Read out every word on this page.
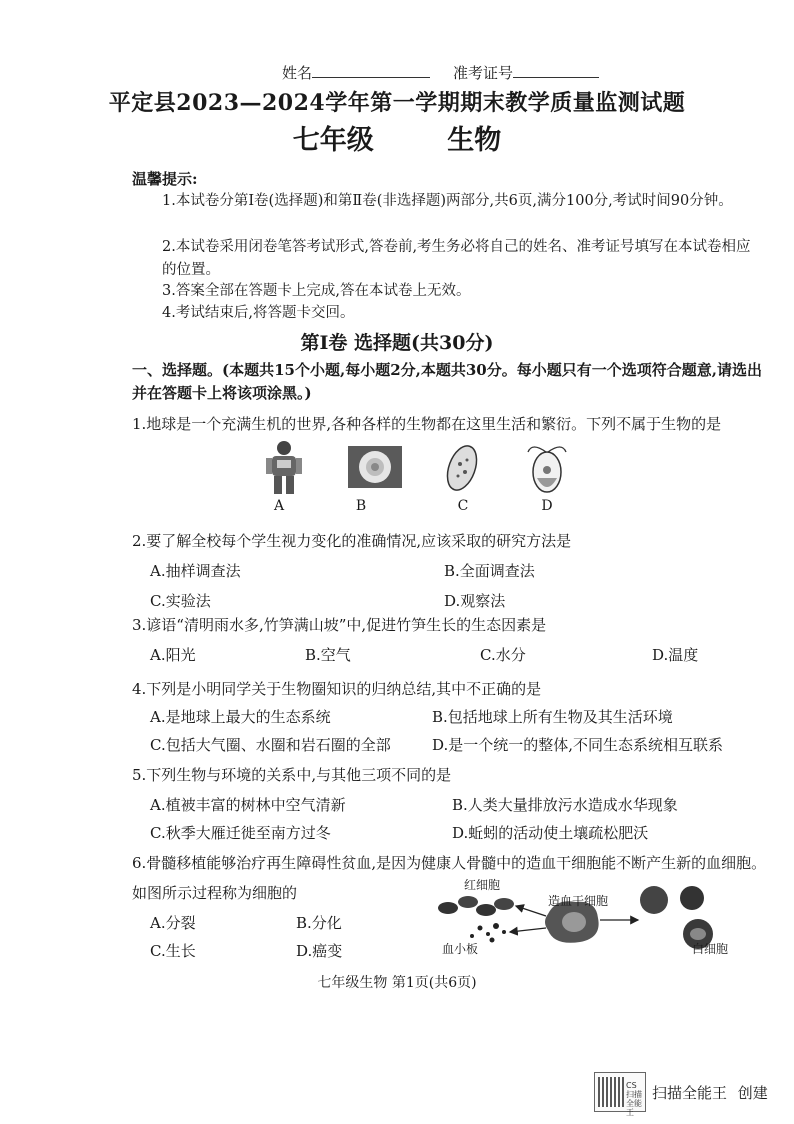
姓名	准考证号
平定县2023—2024学年第一学期期末教学质量监测试题
七年级	生物
温馨提示:
1.本试卷分第Ⅰ卷(选择题)和第Ⅱ卷(非选择题)两部分,共6页,满分100分,考试时间90分钟。
2.本试卷采用闭卷笔答考试形式,答卷前,考生务必将自己的姓名、准考证号填写在本试卷相应的位置。
3.答案全部在答题卡上完成,答在本试卷上无效。
4.考试结束后,将答题卡交回。
第Ⅰ卷 选择题(共30分)
一、选择题。(本题共15个小题,每小题2分,本题共30分。每小题只有一个选项符合题意,请选出并在答题卡上将该项涂黑。)
1.地球是一个充满生机的世界,各种各样的生物都在这里生活和繁衍。下列不属于生物的是
A	B	C	D
2.要了解全校每个学生视力变化的准确情况,应该采取的研究方法是
A.抽样调查法	B.全面调查法
C.实验法	D.观察法
3.谚语“清明雨水多,竹笋满山坡”中,促进竹笋生长的生态因素是
A.阳光	B.空气	C.水分	D.温度
4.下列是小明同学关于生物圈知识的归纳总结,其中不正确的是
A.是地球上最大的生态系统	B.包括地球上所有生物及其生活环境
C.包括大气圈、水圈和岩石圈的全部	D.是一个统一的整体,不同生态系统相互联系
5.下列生物与环境的关系中,与其他三项不同的是
A.植被丰富的树林中空气清新	B.人类大量排放污水造成水华现象
C.秋季大雁迁徙至南方过冬	D.蚯蚓的活动使土壤疏松肥沃
6.骨髓移植能够治疗再生障碍性贫血,是因为健康人骨髓中的造血干细胞能不断产生新的血细胞。如图所示过程称为细胞的
A.分裂	B.分化
C.生长	D.癌变
红细胞
造血干细胞
血小板	白细胞
七年级生物 第1页(共6页)
CS 扫描全能王
扫描全能王 创建
